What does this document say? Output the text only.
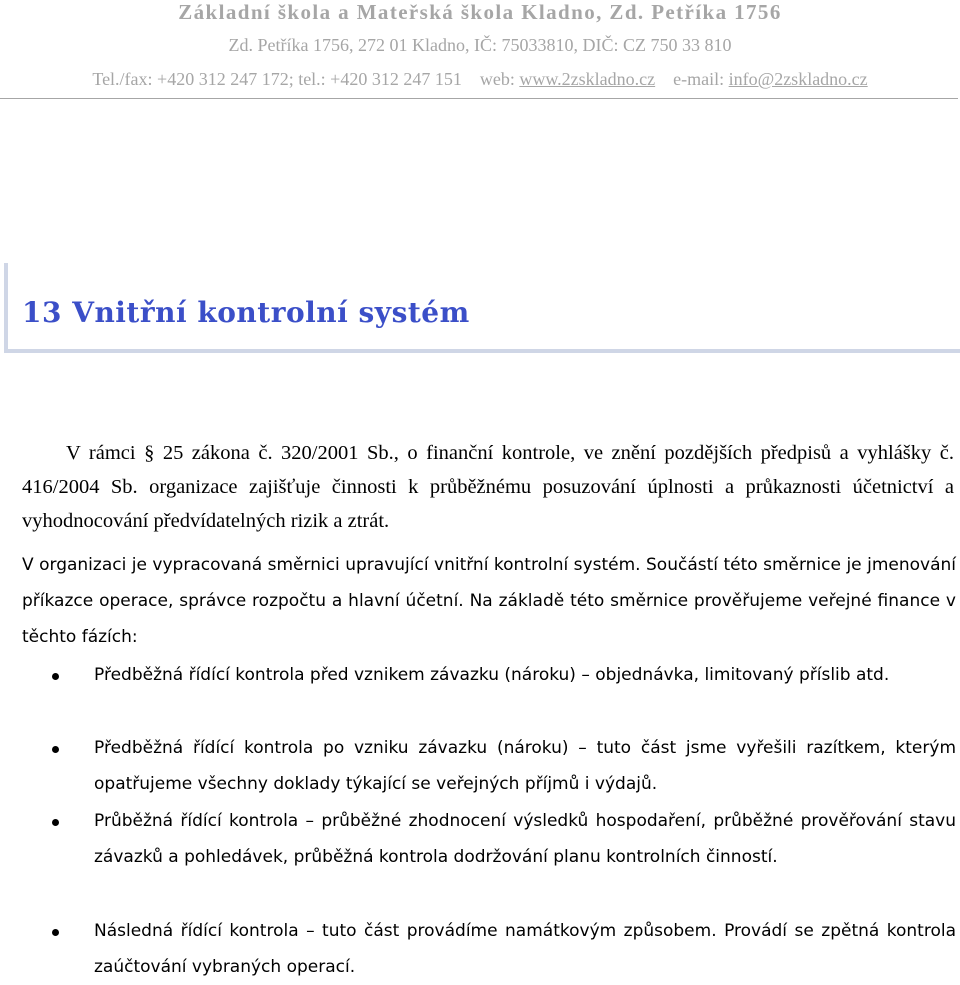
Základní škola a Mateřská škola Kladno, Zd. Petříka 1756
Zd. Petříka 1756, 272 01 Kladno, IČ: 75033810, DIČ: CZ 750 33 810
Tel./fax: +420 312 247 172; tel.: +420 312 247 151 web: www.2zskladno.cz e-mail: info@2zskladno.cz
13 Vnitřní kontrolní systém

V rámci § 25 zákona č. 320/2001 Sb., o finanční kontrole, ve znění pozdějších předpisů a vyhlášky č. 416/2004 Sb. organizace zajišťuje činnosti k průběžnému posuzování úplnosti a průkaznosti účetnictví a vyhodnocování předvídatelných rizik a ztrát.

V organizaci je vypracovaná směrnici upravující vnitřní kontrolní systém. Součástí této směrnice je jmenování příkazce operace, správce rozpočtu a hlavní účetní. Na základě této směrnice prověřujeme veřejné finance v těchto fázích:

Předběžná řídící kontrola před vznikem závazku (nároku) – objednávka, limitovaný příslib atd.

Předběžná řídící kontrola po vzniku závazku (nároku) – tuto část jsme vyřešili razítkem, kterým opatřujeme všechny doklady týkající se veřejných příjmů i výdajů.

Průběžná řídící kontrola – průběžné zhodnocení výsledků hospodaření, průběžné prověřování stavu závazků a pohledávek, průběžná kontrola dodržování planu kontrolních činností.

Následná řídící kontrola – tuto část provádíme namátkovým způsobem. Provádí se zpětná kontrola zaúčtování vybraných operací.
